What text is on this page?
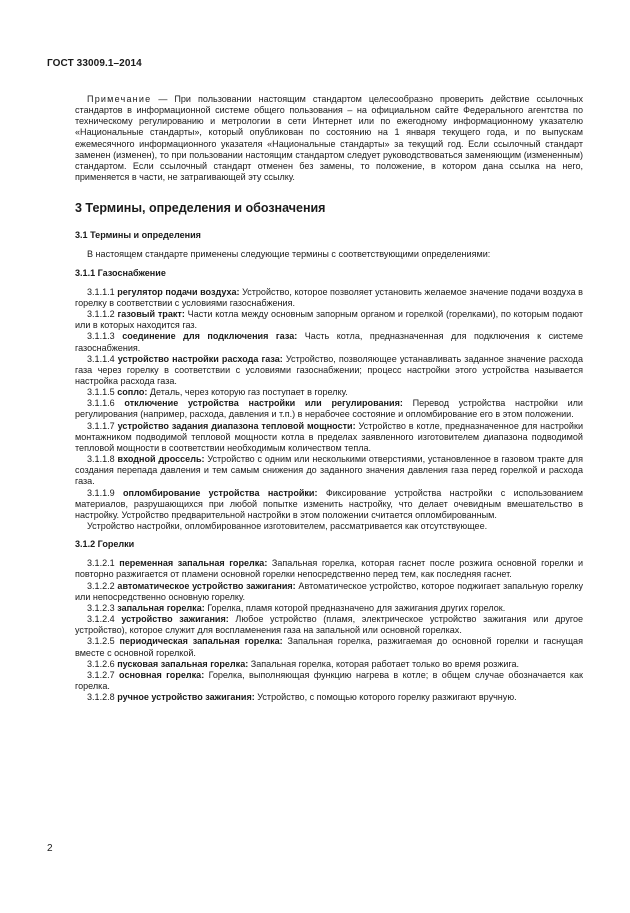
ГОСТ 33009.1–2014

Примечание — При пользовании настоящим стандартом целесообразно проверить действие ссылочных стандартов в информационной системе общего пользования – на официальном сайте Федерального агентства по техническому регулированию и метрологии в сети Интернет или по ежегодному информационному указателю «Национальные стандарты», который опубликован по состоянию на 1 января текущего года, и по выпускам ежемесячного информационного указателя «Национальные стандарты» за текущий год. Если ссылочный стандарт заменен (изменен), то при пользовании настоящим стандартом следует руководствоваться заменяющим (измененным) стандартом. Если ссылочный стандарт отменен без замены, то положение, в котором дана ссылка на него, применяется в части, не затрагивающей эту ссылку.

3 Термины, определения и обозначения

3.1 Термины и определения

В настоящем стандарте применены следующие термины с соответствующими определениями:

3.1.1 Газоснабжение

3.1.1.1 регулятор подачи воздуха: Устройство, которое позволяет установить желаемое значение подачи воздуха в горелку в соответствии с условиями газоснабжения.

3.1.1.2 газовый тракт: Части котла между основным запорным органом и горелкой (горелками), по которым подают или в которых находится газ.

3.1.1.3 соединение для подключения газа: Часть котла, предназначенная для подключения к системе газоснабжения.

3.1.1.4 устройство настройки расхода газа: Устройство, позволяющее устанавливать заданное значение расхода газа через горелку в соответствии с условиями газоснабжении; процесс настройки этого устройства называется настройка расхода газа.

3.1.1.5 сопло: Деталь, через которую газ поступает в горелку.

3.1.1.6 отключение устройства настройки или регулирования: Перевод устройства настройки или регулирования (например, расхода, давления и т.п.) в нерабочее состояние и опломбирование его в этом положении.

3.1.1.7 устройство задания диапазона тепловой мощности: Устройство в котле, предназначенное для настройки монтажником подводимой тепловой мощности котла в пределах заявленного изготовителем диапазона подводимой тепловой мощности в соответствии необходимым количеством тепла.

3.1.1.8 входной дроссель: Устройство с одним или несколькими отверстиями, установленное в газовом тракте для создания перепада давления и тем самым снижения до заданного значения давления газа перед горелкой и расхода газа.

3.1.1.9 опломбирование устройства настройки: Фиксирование устройства настройки с использованием материалов, разрушающихся при любой попытке изменить настройку, что делает очевидным вмешательство в настройку. Устройство предварительной настройки в этом положении считается опломбированным.

Устройство настройки, опломбированное изготовителем, рассматривается как отсутствующее.

3.1.2 Горелки

3.1.2.1 переменная запальная горелка: Запальная горелка, которая гаснет после розжига основной горелки и повторно разжигается от пламени основной горелки непосредственно перед тем, как последняя гаснет.

3.1.2.2 автоматическое устройство зажигания: Автоматическое устройство, которое поджигает запальную горелку или непосредственно основную горелку.

3.1.2.3 запальная горелка: Горелка, пламя которой предназначено для зажигания других горелок.

3.1.2.4 устройство зажигания: Любое устройство (пламя, электрическое устройство зажигания или другое устройство), которое служит для воспламенения газа на запальной или основной горелках.

3.1.2.5 периодическая запальная горелка: Запальная горелка, разжигаемая до основной горелки и гаснущая вместе с основной горелкой.

3.1.2.6 пусковая запальная горелка: Запальная горелка, которая работает только во время розжига.

3.1.2.7 основная горелка: Горелка, выполняющая функцию нагрева в котле; в общем случае обозначается как горелка.

3.1.2.8 ручное устройство зажигания: Устройство, с помощью которого горелку разжигают вручную.

2
